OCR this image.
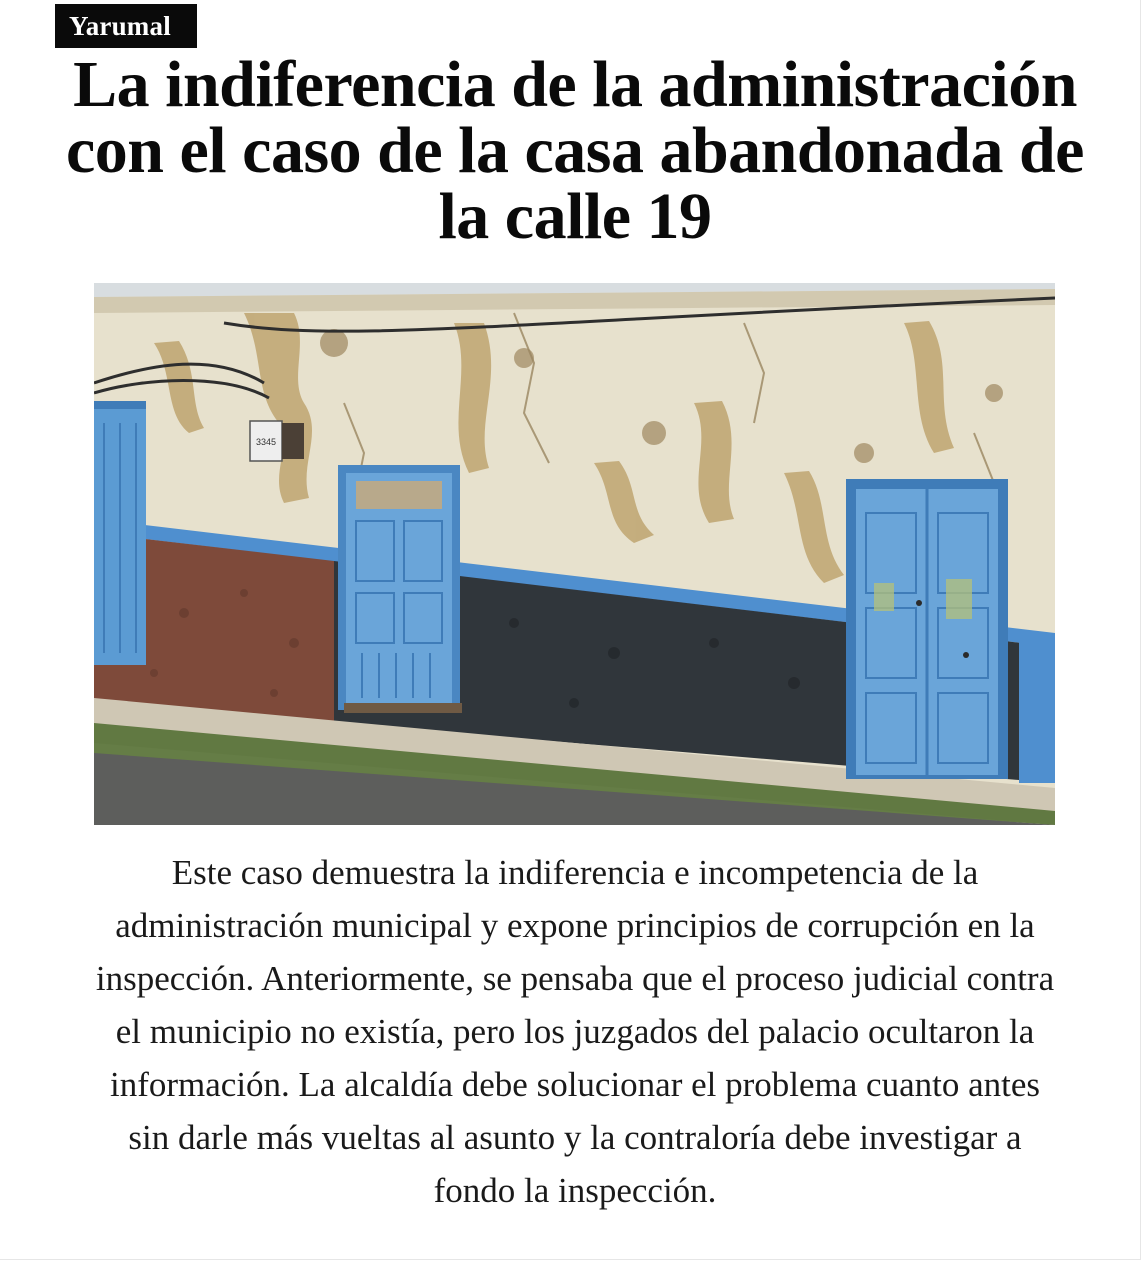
Yarumal
La indiferencia de la administración con el caso de la casa abandonada de la calle 19
3345

Este caso demuestra la indiferencia e incompetencia de la administración municipal y expone principios de corrupción en la inspección. Anteriormente, se pensaba que el proceso judicial contra el municipio no existía, pero los juzgados del palacio ocultaron la información. La alcaldía debe solucionar el problema cuanto antes sin darle más vueltas al asunto y la contraloría debe investigar a fondo la inspección.
